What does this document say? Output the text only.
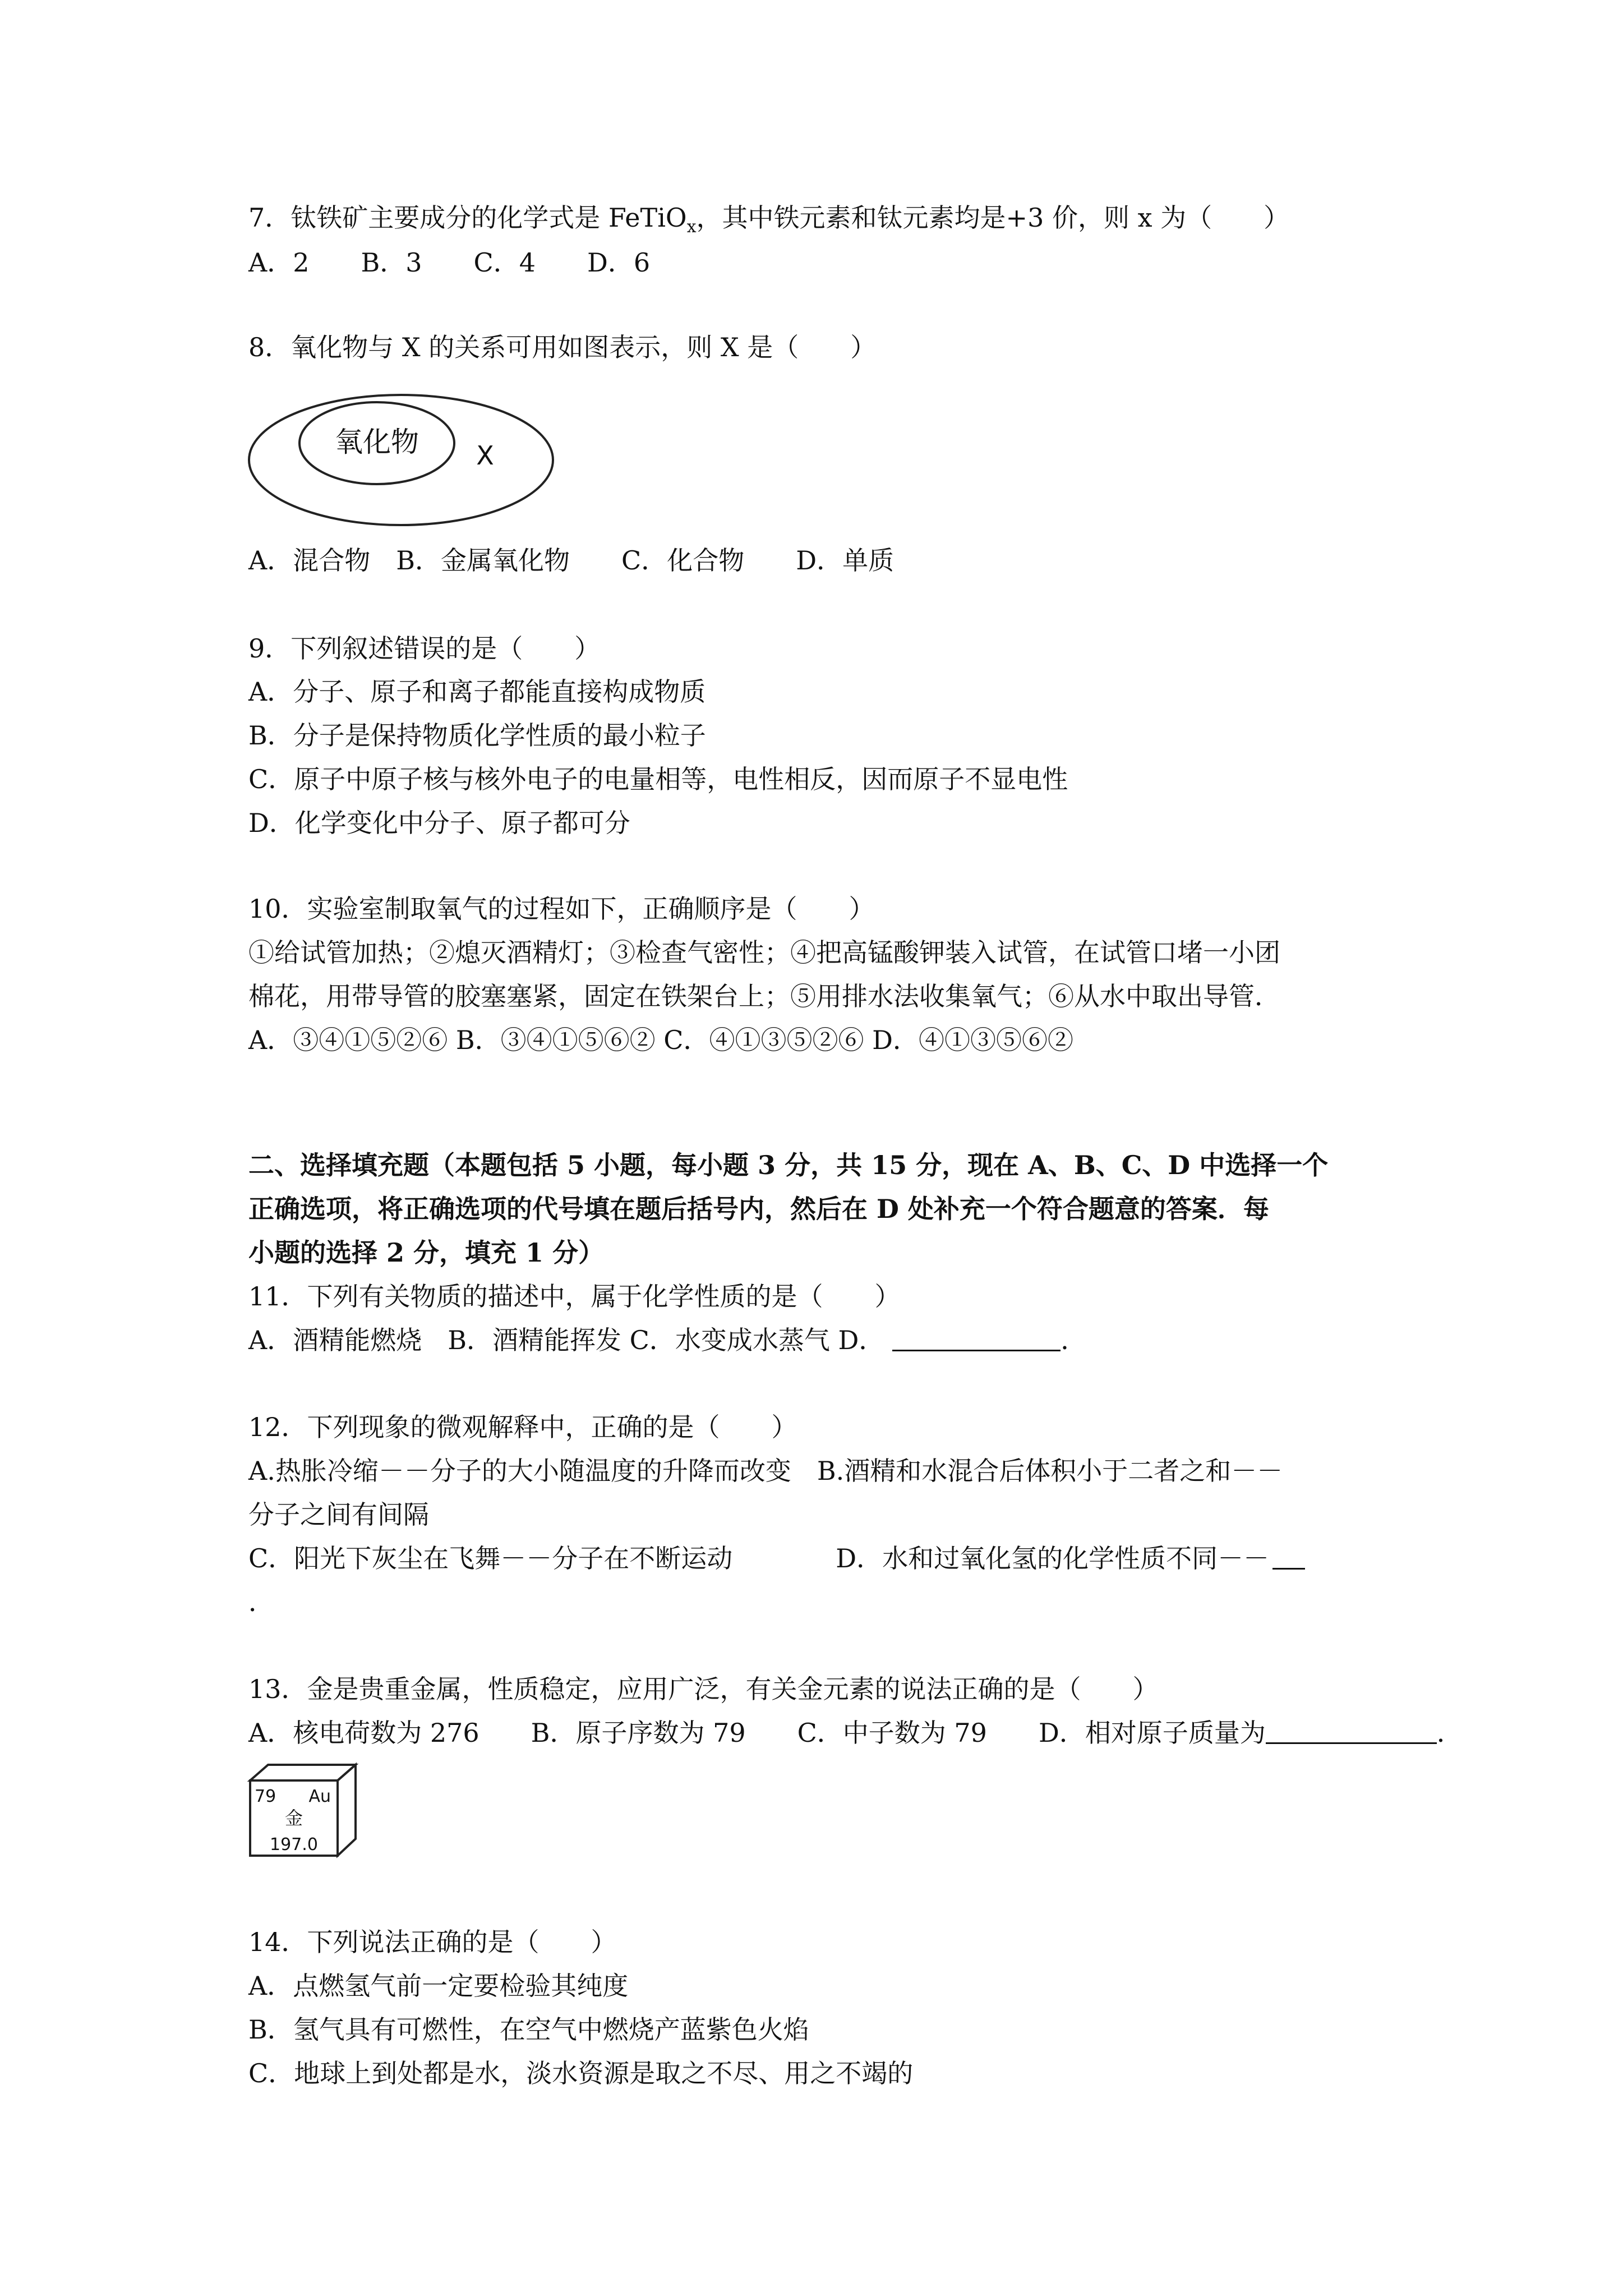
7．钛铁矿主要成分的化学式是 FeTiO$_x$，其中铁元素和钛元素均是+3 价，则 x 为（　　）
A．2　　B．3　　C．4　　D．6
8．氧化物与 X 的关系可用如图表示，则 X 是（　　）
氧化物 X
A．混合物　B．金属氧化物　　C．化合物　　D．单质
9．下列叙述错误的是（　　）
A．分子、原子和离子都能直接构成物质
B．分子是保持物质化学性质的最小粒子
C．原子中原子核与核外电子的电量相等，电性相反，因而原子不显电性
D．化学变化中分子、原子都可分
10．实验室制取氧气的过程如下，正确顺序是（　　）
①给试管加热；②熄灭酒精灯；③检查气密性；④把高锰酸钾装入试管，在试管口堵一小团
棉花，用带导管的胶塞塞紧，固定在铁架台上；⑤用排水法收集氧气；⑥从水中取出导管．
A．③④①⑤②⑥ B．③④①⑤⑥② C．④①③⑤②⑥ D．④①③⑤⑥②
二、选择填充题（本题包括 5 小题，每小题 3 分，共 15 分，现在 A、B、C、D 中选择一个
正确选项，将正确选项的代号填在题后括号内，然后在 D 处补充一个符合题意的答案．每
小题的选择 2 分，填充 1 分）
11．下列有关物质的描述中，属于化学性质的是（　　）
A．酒精能燃烧　B．酒精能挥发 C．水变成水蒸气 D．	．
12．下列现象的微观解释中，正确的是（　　）
A.热胀冷缩－－分子的大小随温度的升降而改变　B.酒精和水混合后体积小于二者之和－－
分子之间有间隔
C．阳光下灰尘在飞舞－－分子在不断运动　　　　D．水和过氧化氢的化学性质不同－－
．
13．金是贵重金属，性质稳定，应用广泛，有关金元素的说法正确的是（　　）
A．核电荷数为 276　　B．原子序数为 79　　C．中子数为 79　　D．相对原子质量为	．
79 Au
金
197.0
14．下列说法正确的是（　　）
A．点燃氢气前一定要检验其纯度
B．氢气具有可燃性，在空气中燃烧产蓝紫色火焰
C．地球上到处都是水，淡水资源是取之不尽、用之不竭的
